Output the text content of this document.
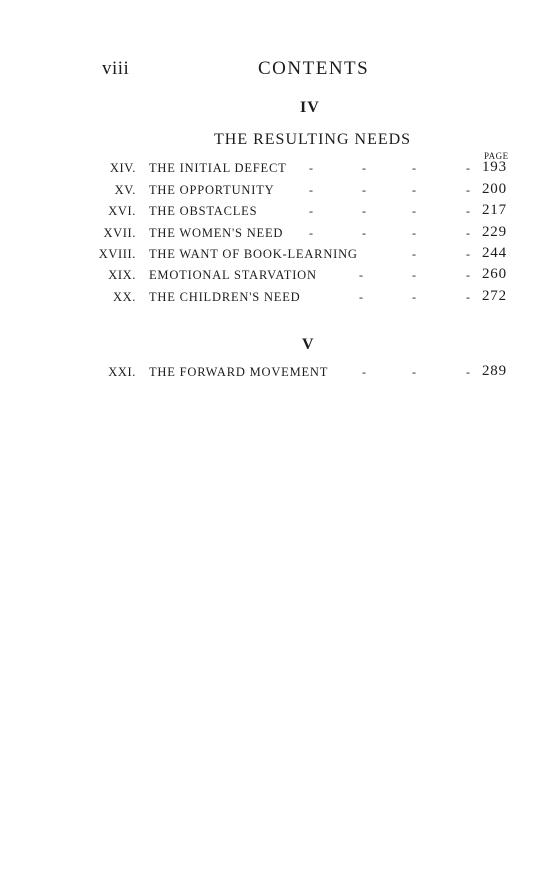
viii	CONTENTS
IV
THE RESULTING NEEDS
PAGE
XIV. THE INITIAL DEFECT -	-	-	- 193
XV. THE OPPORTUNITY	-	-	-	- 200
XVI. THE OBSTACLES	-	-	-	- 217
XVII. THE WOMEN'S NEED -	-	-	- 229
XVIII. THE WANT OF BOOK-LEARNING	-	- 244
XIX. EMOTIONAL STARVATION	-	-	- 260
XX. THE CHILDREN'S NEED	-	-	- 272
V
XXI. THE FORWARD MOVEMENT	-	-	- 289
